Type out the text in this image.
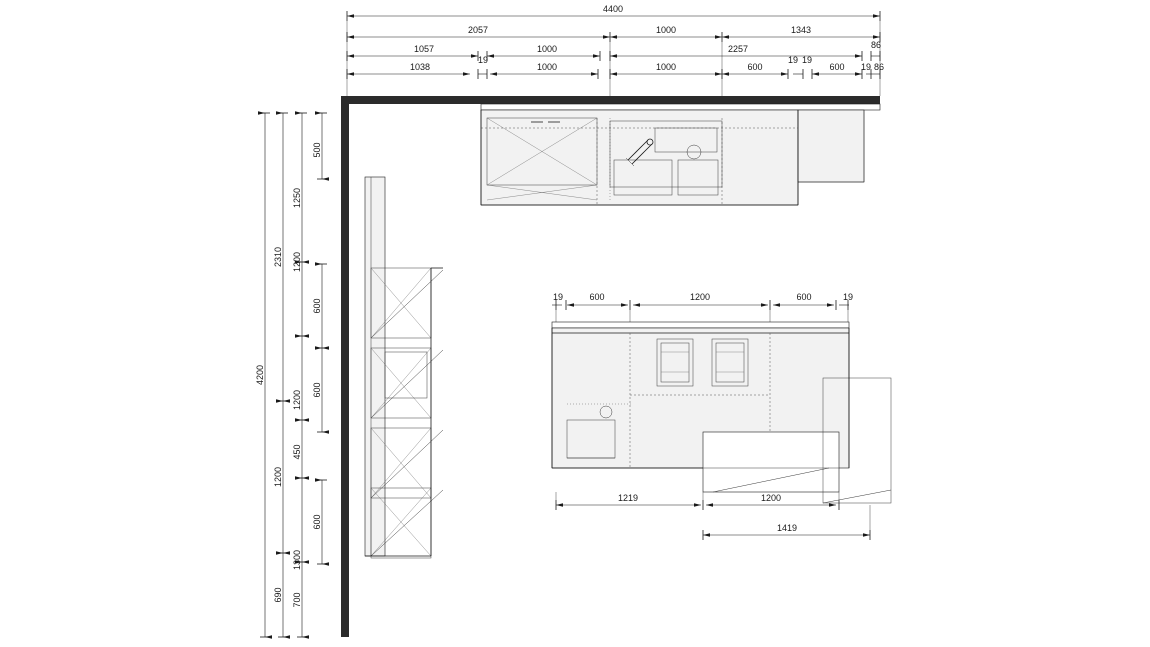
4400
2057	1000	1343
1057	1000	2257	86
1038
19
1000	1000	600
19 19
600 19 86
4200
2310
1200
690
1250
1200
1200
450
1300
700
500
600
600
600
19	600	1200	600	19
1219	1200
1419
